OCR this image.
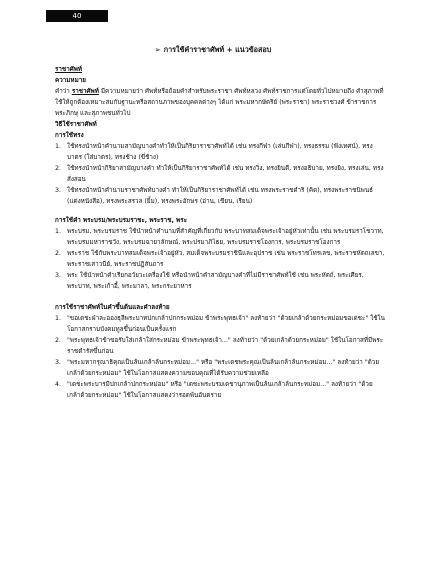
40
➢ การใช้คำราชาศัพท์ + แนวข้อสอบ

ราชาศัพท์

ความหมาย

คำว่า ราชาศัพท์ มีความหมายว่า ศัพท์หรือถ้อยคำสำหรับพระราชา ศัพท์หลวง ศัพท์ราชการแต่โดยทั่วไปหมายถึง คำสุภาพที่ใช้ให้ถูกต้องเหมาะสมกับฐานะหรือสถานภาพของบุคคลต่างๆ ได้แก่ พระมหากษัตริย์ (พระราชา) พระราชวงศ์ ข้าราชการ พระภิกษุ และสุภาพชนทั่วไป

วิธีใช้ราชาศัพท์

การใช้ทรง

1. ใช้ทรงนำหน้าคำนามสามัญบางคำทำให้เป็นกิริยาราชาศัพท์ได้ เช่น ทรงกีฬา (เล่นกีฬา), ทรงธรรม (ฟังเทศน์), ทรงบาตร (ใส่บาตร), ทรงช้าง (ขี่ช้าง)
2. ใช้ทรงนำหน้ากิริยาสามัญบางคำ ทำให้เป็นกิริยาราชาศัพท์ได้ เช่น ทรงวิ่ง, ทรงยินดี, ทรงอธิบาย, ทรงยิง, ทรงเล่น, ทรงสั่งสอน
3. ใช้ทรงนำหน้าคำนามราชาศัพท์บางคำ ทำให้เป็นกิริยาราชาศัพท์ได้ เช่น ทรงพระราชดำริ (คิด), ทรงพระราชนิพนธ์ (แต่งหนังสือ), ทรงพระสรวล (ยิ้ม), ทรงพระอักษร (อ่าน, เขียน, เรียน)

การใช้คำ พระบรม/พระบรมราชะ, พระราช, พระ

1. พระบรม, พระบรมราช ใช้นำหน้าคำนามที่สำคัญที่เกี่ยวกับ พระบาทสมเด็จพระเจ้าอยู่หัวเท่านั้น เช่น พระบรมราโชวาท, พระบรมมหาราชวัง, พระบรมฉายาลักษณ์, พระปรมาภิไธย, พระบรมราชโองการ, พระบรมราชโองการ
2. พระราช ใช้กับพระบาทสมเด็จพระเจ้าอยู่หัว, สมเด็จพระบรมราชินีและอุปราช เช่น พระราชโทรเลข, พระราชหัตถเลขา, พระราชเสาวนีย์, พระราชปฏิสันถาร
3. พระ ใช้นำหน้าคำเรียกอวัยวะเครื่องใช้ หรือนำหน้าคำสามัญบางคำที่ไม่มีราชาศัพท์ใช้ เช่น พระหัตถ์, พระเศียร, พระบาท, พระเก้าอี้, พระมาลา, พระกระยาหาร

การใช้ราชาศัพท์ในคำขึ้นต้นและคำลงท้าย

1. "ขอเดชะฝ่าละอองธุลีพระบาทปกเกล้าปกกระหม่อม ข้าพระพุทธเจ้า" ลงท้ายว่า "ด้วยเกล้าด้วยกระหม่อมขอเดชะ" ใช้ในโอกาสกราบบังคมทูลขึ้นก่อนเป็นครั้งแรก
2. "พระพุทธเจ้าข้าขอรับใส่เกล้าใส่กระหม่อม ข้าพระพุทธเจ้า..." ลงท้ายว่า "ด้วยเกล้าด้วยกระหม่อม" ใช้ในโอกาสที่มีพระราชดำรัสขึ้นก่อน
3. "พระมหากรุณาธิคุณเป็นล้นเกล้าล้นกระหม่อม..." หรือ "พระเดชพระคุณเป็นล้นเกล้าล้นกระหม่อม..." ลงท้ายว่า "ด้วยเกล้าด้วยกระหม่อม" ใช้ในโอกาสแสดงความขอบคุณที่ได้รับความช่วยเหลือ
4. "เดชะพระบารมีปกเกล้าปกกระหม่อม" หรือ "เดชะพระบรมเดชานุภาพเป็นล้นเกล้าล้นกระหม่อม..." ลงท้ายว่า "ด้วยเกล้าด้วยกระหม่อม" ใช้ในโอกาสแสดงว่ารอดพ้นอันตราย
